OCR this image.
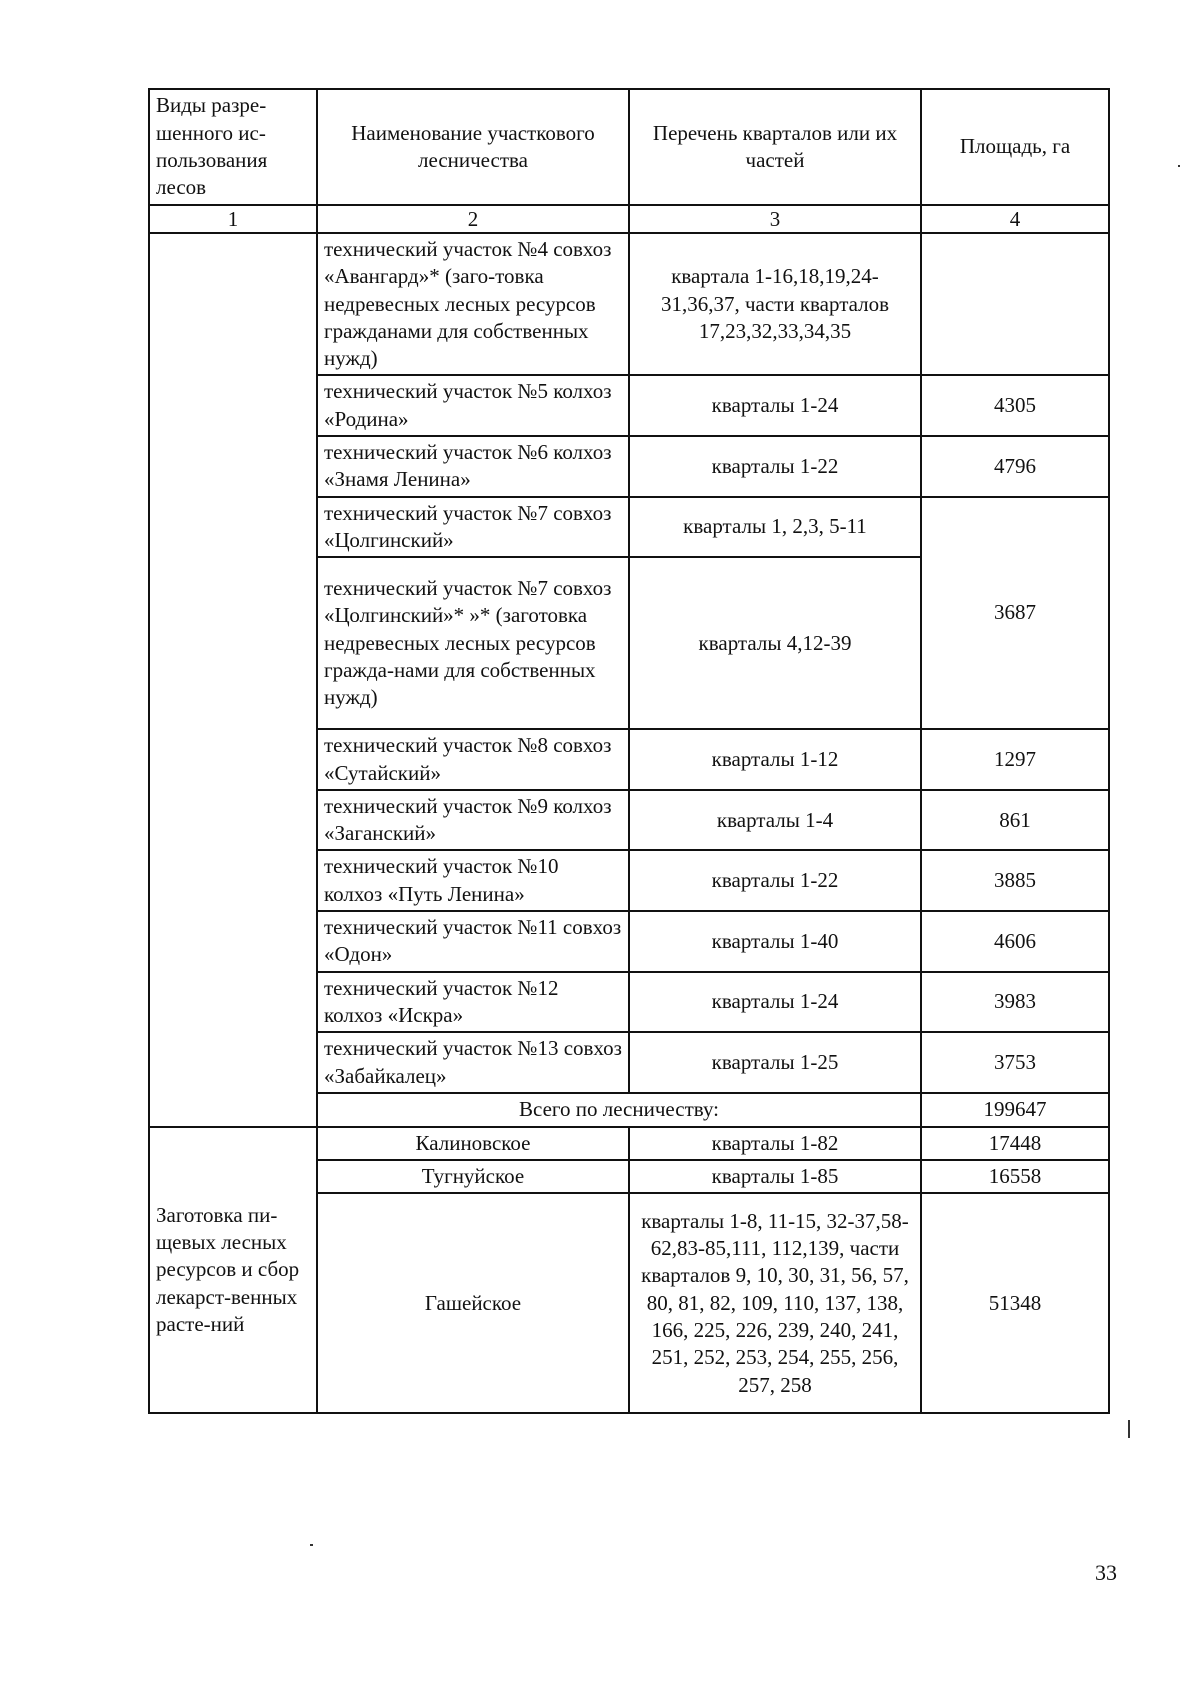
Виды разре-шенного ис-пользования лесов	Наименование участкового лесничества	Перечень кварталов или их частей	Площадь, га
1	2	3	4
	технический участок №4 совхоз «Авангард»* (заго-товка недревесных лесных ресурсов гражданами для собственных нужд)	квартала 1-16,18,19,24-31,36,37, части кварталов 17,23,32,33,34,35	
	технический участок №5 колхоз «Родина»	кварталы 1-24	4305
	технический участок №6 колхоз «Знамя Ленина»	кварталы 1-22	4796
	технический участок №7 совхоз «Цолгинский»	кварталы 1, 2,3, 5-11	3687
	технический участок №7 совхоз «Цолгинский»* »* (заготовка недревесных лесных ресурсов гражда-нами для собственных нужд)	кварталы 4,12-39	
	технический участок №8 совхоз «Сутайский»	кварталы 1-12	1297
	технический участок №9 колхоз «Заганский»	кварталы 1-4	861
	технический участок №10 колхоз «Путь Ленина»	кварталы 1-22	3885
	технический участок №11 совхоз «Одон»	кварталы 1-40	4606
	технический участок №12 колхоз «Искра»	кварталы 1-24	3983
	технический участок №13 совхоз «Забайкалец»	кварталы 1-25	3753
	Всего по лесничеству:		199647
Заготовка пи-щевых лесных ресурсов и сбор лекарст-венных расте-ний	Калиновское	кварталы 1-82	17448
	Тугнуйское	кварталы 1-85	16558
	Гашейское	кварталы 1-8, 11-15, 32-37,58-62,83-85,111, 112,139, части кварталов 9, 10, 30, 31, 56, 57, 80, 81, 82, 109, 110, 137, 138, 166, 225, 226, 239, 240, 241, 251, 252, 253, 254, 255, 256, 257, 258	51348
33
